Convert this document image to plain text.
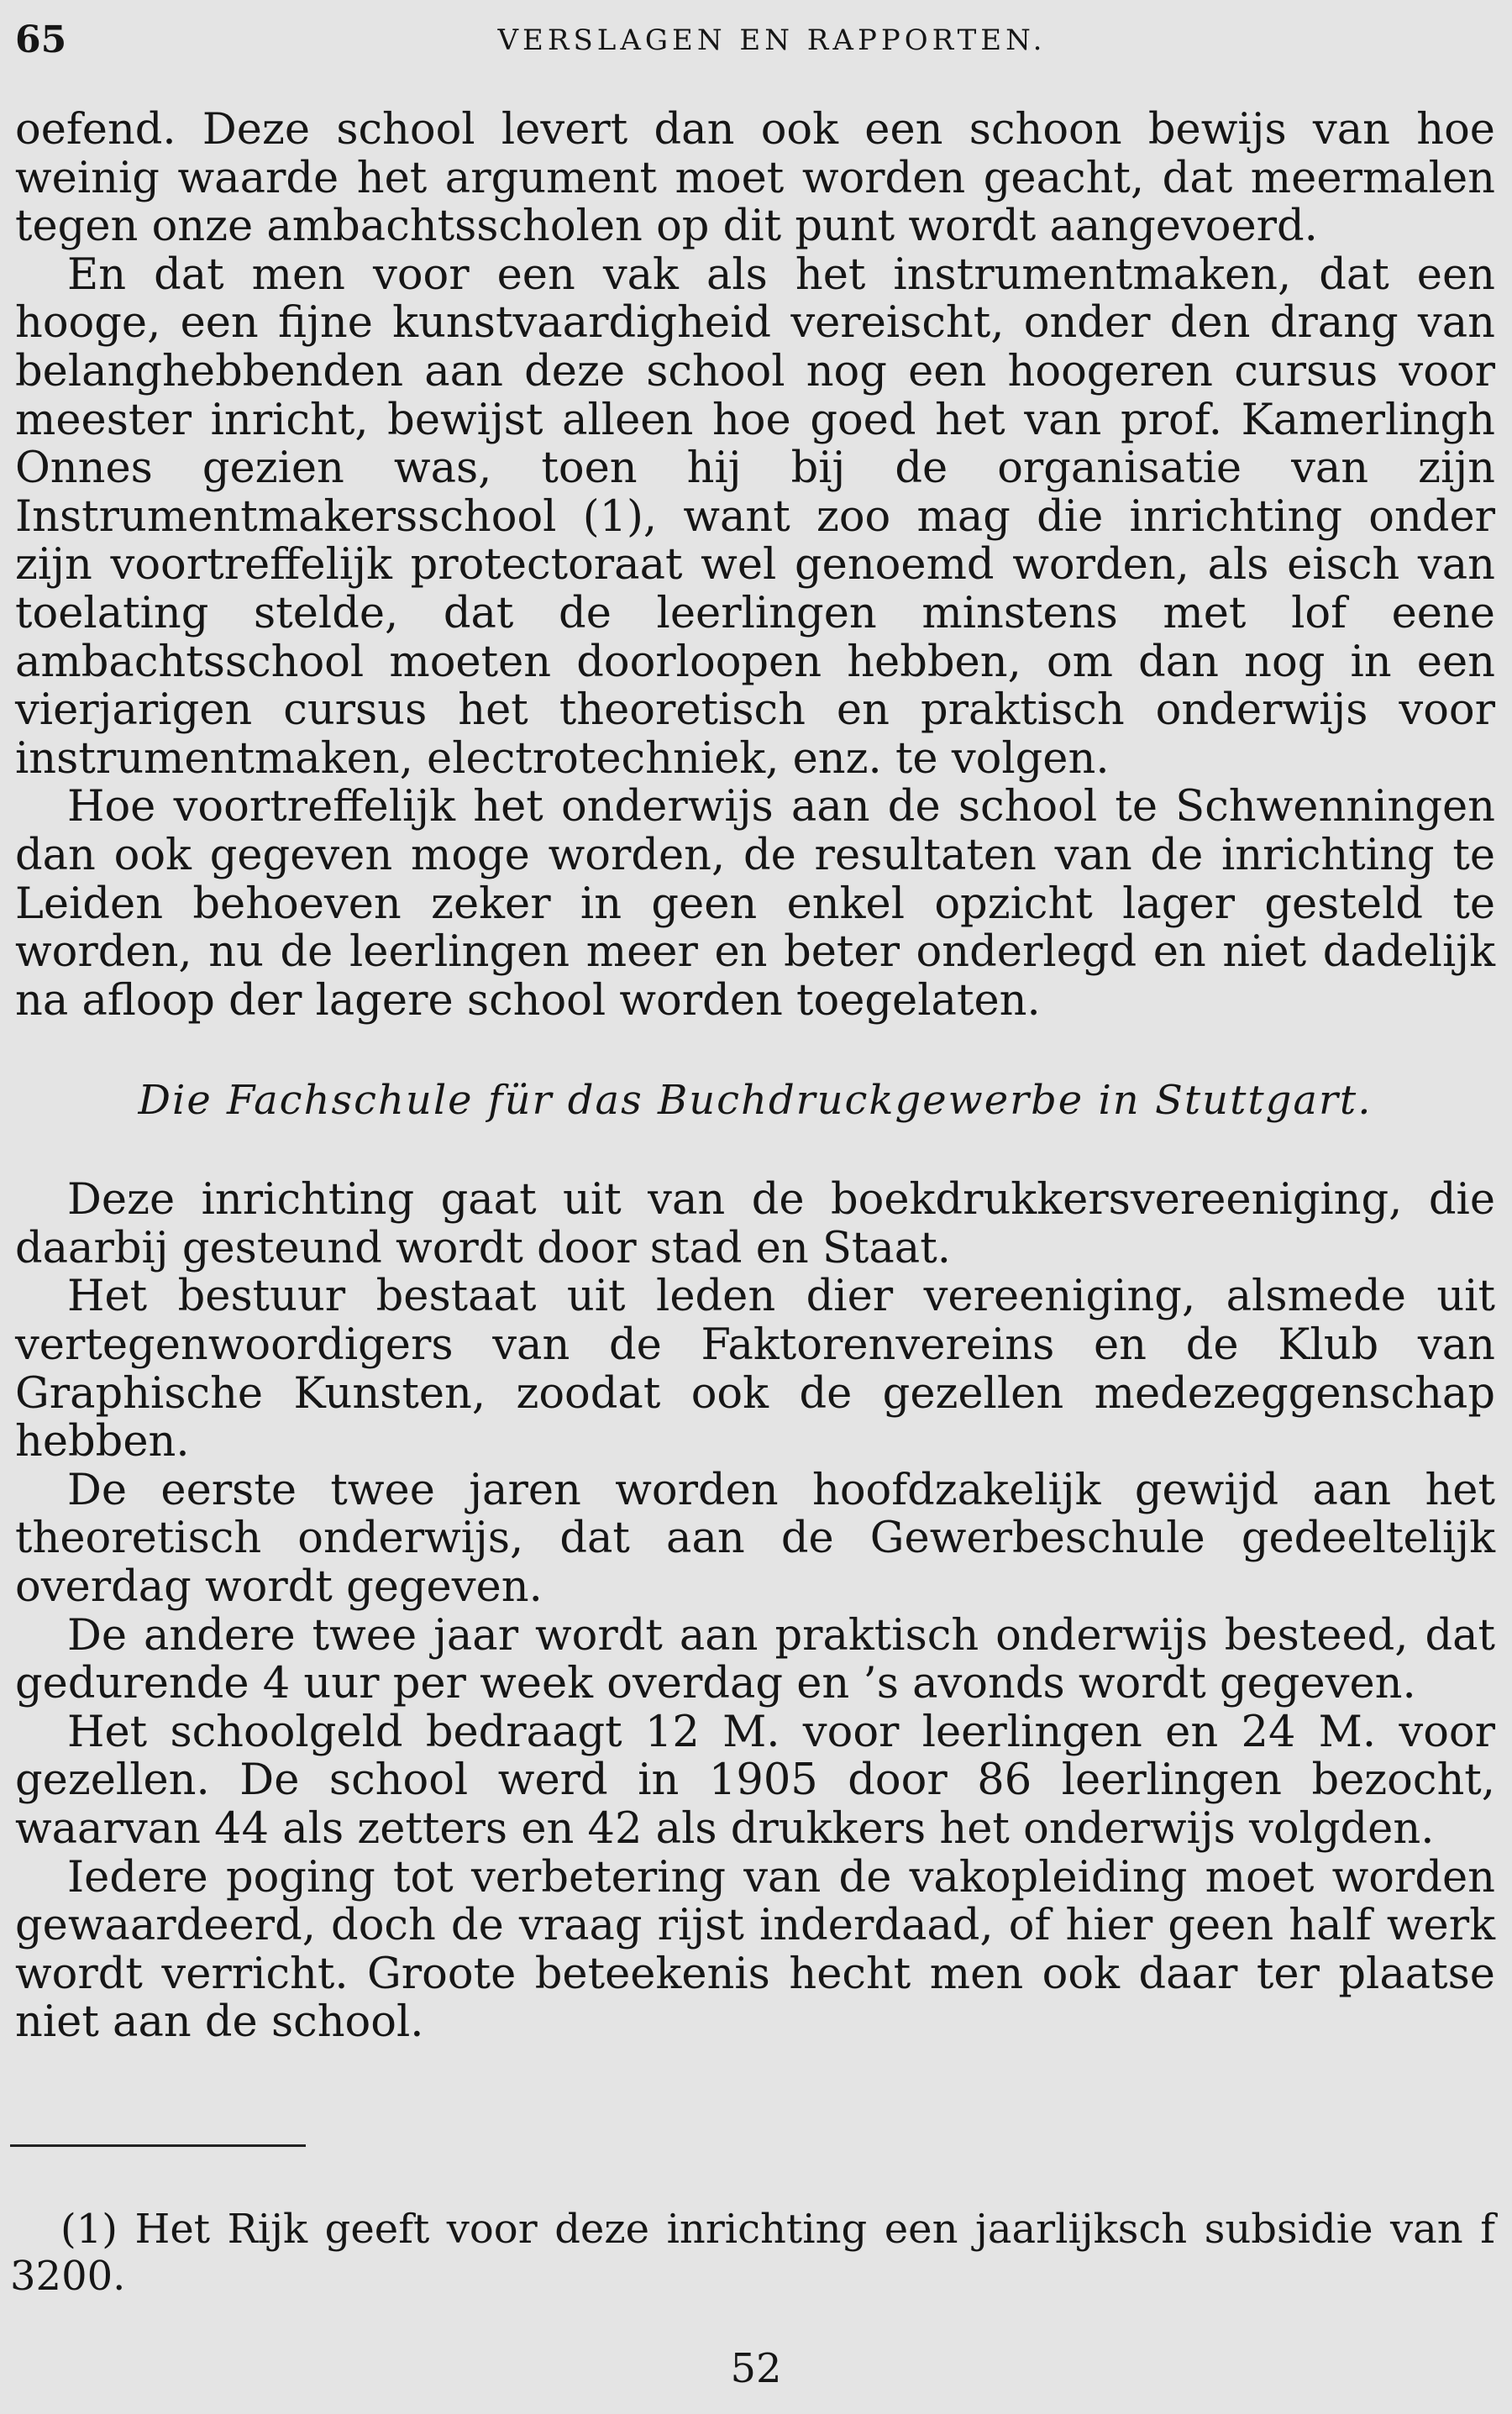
65	VERSLAGEN EN RAPPORTEN.

oefend. Deze school levert dan ook een schoon bewijs van hoe weinig waarde het argument moet worden geacht, dat meermalen tegen onze ambachtsscholen op dit punt wordt aangevoerd.

En dat men voor een vak als het instrumentmaken, dat een hooge, een fijne kunstvaardigheid vereischt, onder den drang van belanghebbenden aan deze school nog een hoogeren cursus voor meester inricht, bewijst alleen hoe goed het van prof. Kamerlingh Onnes gezien was, toen hij bij de organisatie van zijn Instrumentmakersschool (1), want zoo mag die inrichting onder zijn voortreffelijk protectoraat wel genoemd worden, als eisch van toelating stelde, dat de leerlingen minstens met lof eene ambachtsschool moeten doorloopen hebben, om dan nog in een vierjarigen cursus het theoretisch en praktisch onderwijs voor instrumentmaken, electrotechniek, enz. te volgen.

Hoe voortreffelijk het onderwijs aan de school te Schwenningen dan ook gegeven moge worden, de resultaten van de inrichting te Leiden behoeven zeker in geen enkel opzicht lager gesteld te worden, nu de leerlingen meer en beter onderlegd en niet dadelijk na afloop der lagere school worden toegelaten.

Die Fachschule für das Buchdruckgewerbe in Stuttgart.

Deze inrichting gaat uit van de boekdrukkersvereeniging, die daarbij gesteund wordt door stad en Staat.

Het bestuur bestaat uit leden dier vereeniging, alsmede uit vertegenwoordigers van de Faktorenvereins en de Klub van Graphische Kunsten, zoodat ook de gezellen medezeggenschap hebben.

De eerste twee jaren worden hoofdzakelijk gewijd aan het theoretisch onderwijs, dat aan de Gewerbeschule gedeeltelijk overdag wordt gegeven.

De andere twee jaar wordt aan praktisch onderwijs besteed, dat gedurende 4 uur per week overdag en ’s avonds wordt gegeven.

Het schoolgeld bedraagt 12 M. voor leerlingen en 24 M. voor gezellen. De school werd in 1905 door 86 leerlingen bezocht, waarvan 44 als zetters en 42 als drukkers het onderwijs volgden.

Iedere poging tot verbetering van de vakopleiding moet worden gewaardeerd, doch de vraag rijst inderdaad, of hier geen half werk wordt verricht. Groote beteekenis hecht men ook daar ter plaatse niet aan de school.

(1) Het Rijk geeft voor deze inrichting een jaarlijksch subsidie van f 3200.
52
